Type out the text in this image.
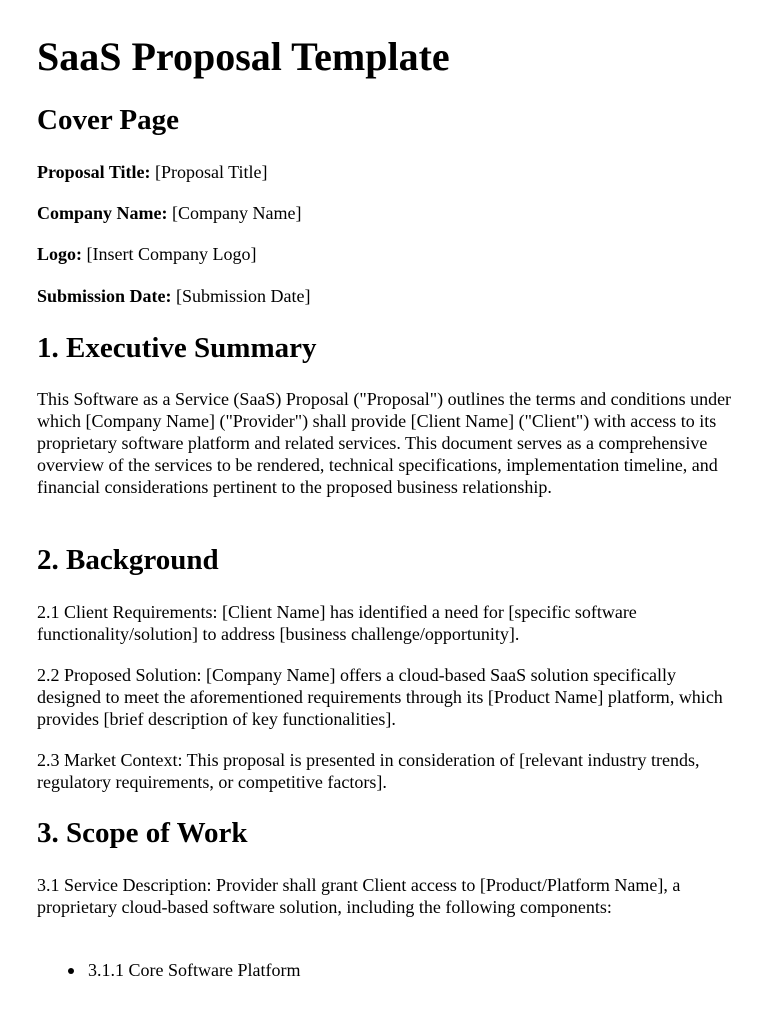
SaaS Proposal Template
Cover Page

Proposal Title: [Proposal Title]

Company Name: [Company Name]

Logo: [Insert Company Logo]

Submission Date: [Submission Date]

1. Executive Summary

This Software as a Service (SaaS) Proposal ("Proposal") outlines the terms and conditions under which [Company Name] ("Provider") shall provide [Client Name] ("Client") with access to its proprietary software platform and related services. This document serves as a comprehensive overview of the services to be rendered, technical specifications, implementation timeline, and financial considerations pertinent to the proposed business relationship.

2. Background

2.1 Client Requirements: [Client Name] has identified a need for [specific software functionality/solution] to address [business challenge/opportunity].

2.2 Proposed Solution: [Company Name] offers a cloud-based SaaS solution specifically designed to meet the aforementioned requirements through its [Product Name] platform, which provides [brief description of key functionalities].

2.3 Market Context: This proposal is presented in consideration of [relevant industry trends, regulatory requirements, or competitive factors].

3. Scope of Work

3.1 Service Description: Provider shall grant Client access to [Product/Platform Name], a proprietary cloud-based software solution, including the following components:

3.1.1 Core Software Platform
